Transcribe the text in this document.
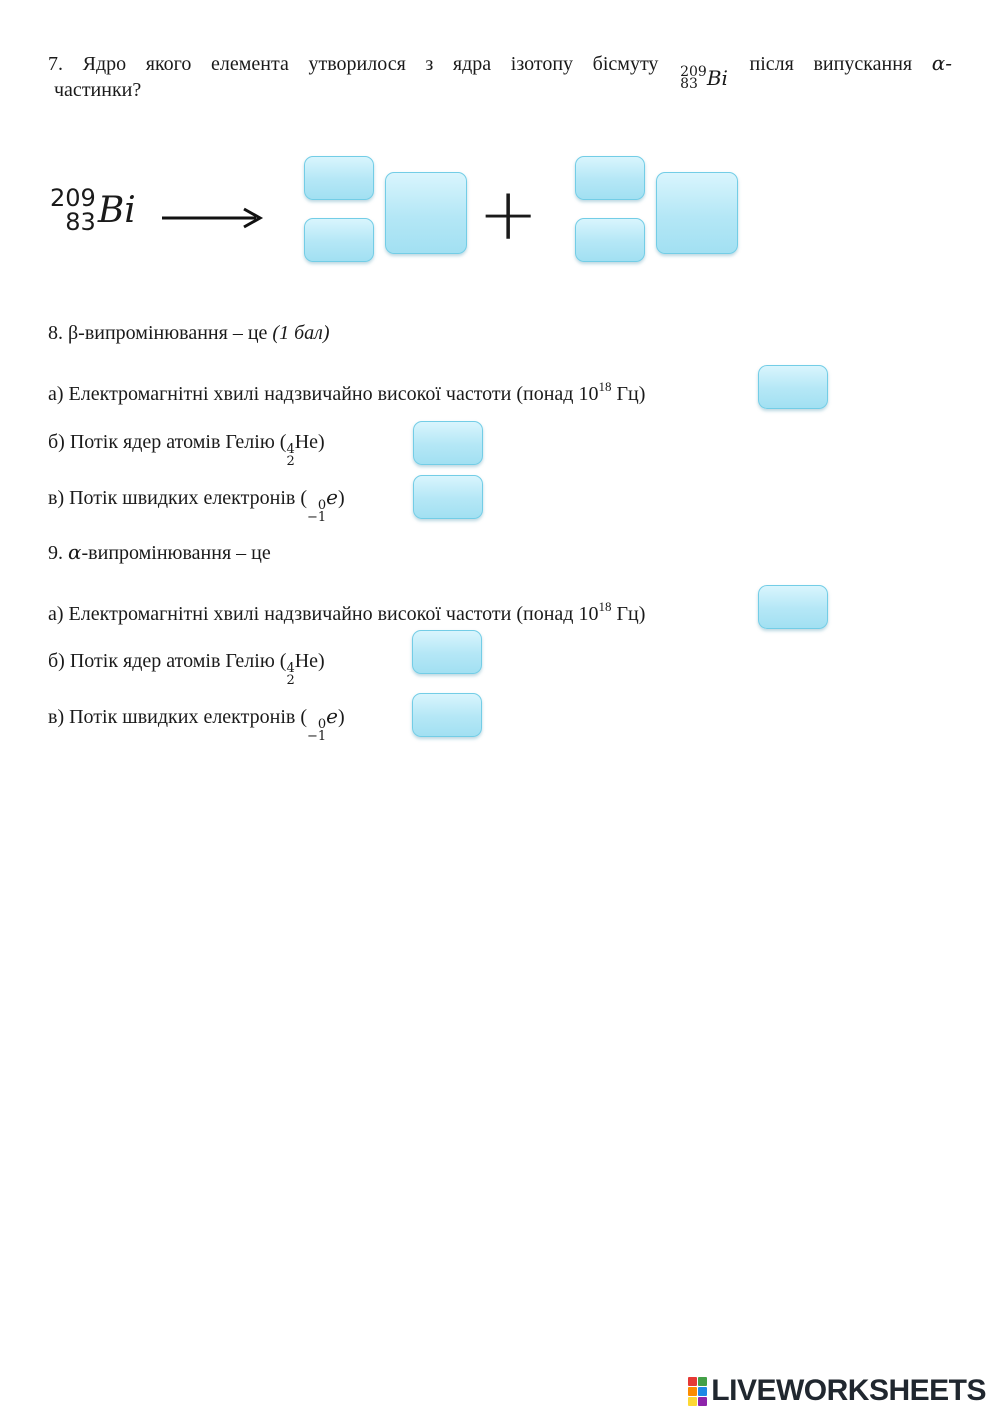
7. Ядро якого елемента утворилося з ядра ізотопу бісмуту 209
83 Bi
після випускання α-
частинки?
209
83 Bi	+
8. β-випромінювання – це (1 бал)
а) Електромагнітні хвилі надзвичайно високої частоти (понад $10^{18}$ Гц)
б) Потік ядер атомів Гелію ( 4
2
He)
в) Потік швидких електронів ( 0
−1
e)
9. α-випромінювання – це
а) Електромагнітні хвилі надзвичайно високої частоти (понад $10^{18}$ Гц)
б) Потік ядер атомів Гелію ( 4
2
He)
в) Потік швидких електронів ( 0
−1
e)
LIVEWORKSHEETS
